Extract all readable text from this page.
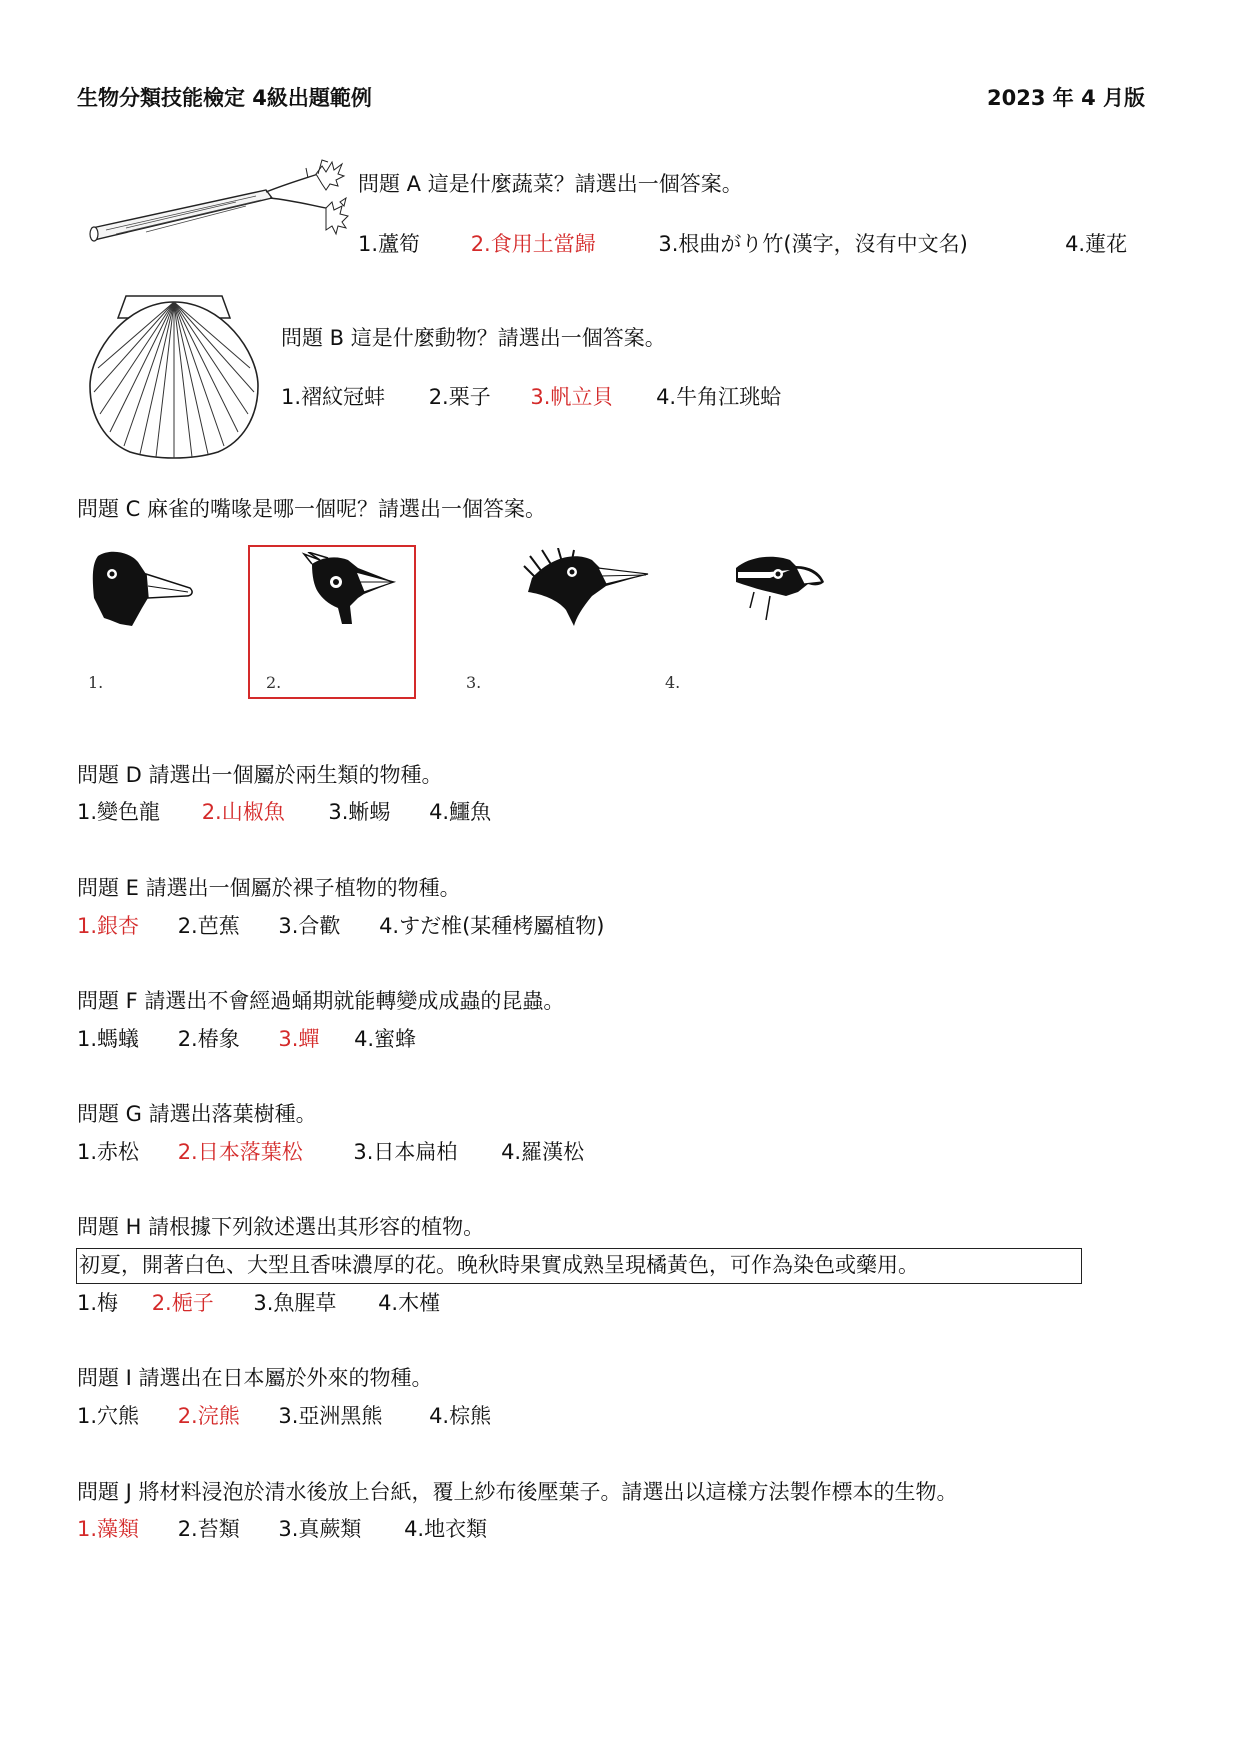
生物分類技能檢定 4級出題範例	2023 年 4 月版
問題 A 這是什麼蔬菜？請選出一個答案。
1.蘆筍 2.食用土當歸	3.根曲がり竹(漢字，沒有中文名)	4.蓮花
問題 B 這是什麼動物？請選出一個答案。
1.褶紋冠蚌 2.栗子 3.帆立貝 4.牛角江珧蛤
問題 C 麻雀的嘴喙是哪一個呢？請選出一個答案。
1.	2.	3.	4.
問題 D 請選出一個屬於兩生類的物種。
1.變色龍 2.山椒魚 3.蜥蜴 4.鱷魚
問題 E 請選出一個屬於裸子植物的物種。
1.銀杏 2.芭蕉 3.合歡 4.すだ椎(某種栲屬植物)
問題 F 請選出不會經過蛹期就能轉變成成蟲的昆蟲。
1.螞蟻 2.椿象 3.蟬 4.蜜蜂
問題 G 請選出落葉樹種。
1.赤松 2.日本落葉松 3.日本扁柏 4.羅漢松
問題 H 請根據下列敘述選出其形容的植物。
初夏，開著白色、大型且香味濃厚的花。晚秋時果實成熟呈現橘黃色，可作為染色或藥用。
1.梅 2.梔子 3.魚腥草 4.木槿
問題 I 請選出在日本屬於外來的物種。
1.穴熊 2.浣熊 3.亞洲黑熊 4.棕熊
問題 J 將材料浸泡於清水後放上台紙，覆上紗布後壓葉子。請選出以這樣方法製作標本的生物。
1.藻類 2.苔類 3.真蕨類 4.地衣類
